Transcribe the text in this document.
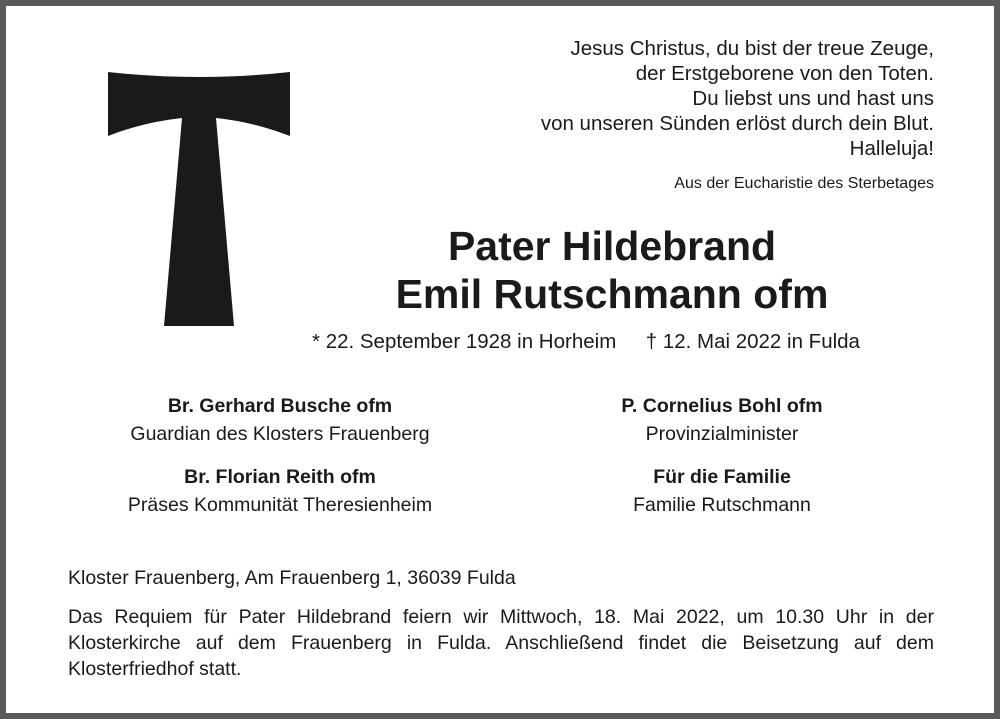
Jesus Christus, du bist der treue Zeuge,
der Erstgeborene von den Toten.
Du liebst uns und hast uns
von unseren Sünden erlöst durch dein Blut.
Halleluja!
Aus der Eucharistie des Sterbetages
Pater Hildebrand
Emil Rutschmann ofm
* 22. September 1928 in Horheim † 12. Mai 2022 in Fulda
Br. Gerhard Busche ofm
Guardian des Klosters Frauenberg
P. Cornelius Bohl ofm
Provinzialminister
Br. Florian Reith ofm
Präses Kommunität Theresienheim
Für die Familie
Familie Rutschmann
Kloster Frauenberg, Am Frauenberg 1, 36039 Fulda
Das Requiem für Pater Hildebrand feiern wir Mittwoch, 18. Mai 2022, um 10.30 Uhr in der Klosterkirche auf dem Frauenberg in Fulda. Anschließend findet die Beisetzung auf dem Klosterfriedhof statt.
